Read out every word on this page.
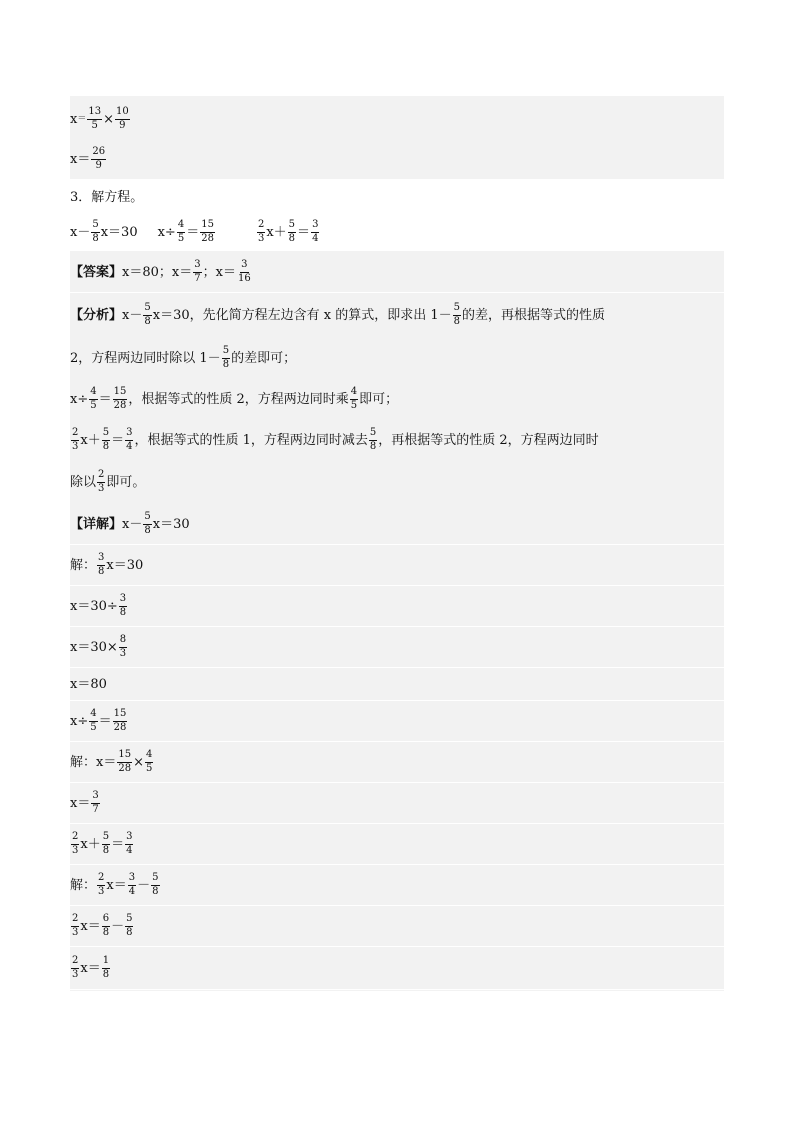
$x = \frac{13}{5} \times \frac{10}{9}$
$x = \frac{26}{9}$
3．解方程。
$x- \frac{5}{8} x=30$ $x\div \frac{4}{5} = \frac{15}{28}$	$\frac{2}{3} x+ \frac{5}{8} = \frac{3}{4}$
【答案】 x＝80；$x= \frac{3}{7}$ ；$x= \frac{3}{16}$
【分析】 $x- \frac{5}{8} x=30$，先化简方程左边含有 x 的算式，即求出 $1- \frac{5}{8}$ 的差，再根据等式的性质
2，方程两边同时除以 $1- \frac{5}{8}$ 的差即可；
$x\div \frac{4}{5} = \frac{15}{28}$ ，根据等式的性质 2，方程两边同时乘 $\frac{4}{5}$ 即可；
$\frac{2}{3} x+ \frac{5}{8} = \frac{3}{4}$ ，根据等式的性质 1，方程两边同时减去 $\frac{5}{8}$ ，再根据等式的性质 2，方程两边同时
除以 $\frac{2}{3}$ 即可。
【详解】 $x- \frac{5}{8} x=30$
解： $\frac{3}{8} x=30$
$x=30\div \frac{3}{8}$
$x=30\times \frac{8}{3}$
x＝80
$x\div \frac{4}{5} = \frac{15}{28}$
解：$x= \frac{15}{28} \times \frac{4}{5}$
$x= \frac{3}{7}$
$\frac{2}{3} x+ \frac{5}{8} = \frac{3}{4}$
解： $\frac{2}{3} x= \frac{3}{4} - \frac{5}{8}$
$\frac{2}{3} x= \frac{6}{8} - \frac{5}{8}$
$\frac{2}{3} x= \frac{1}{8}$
